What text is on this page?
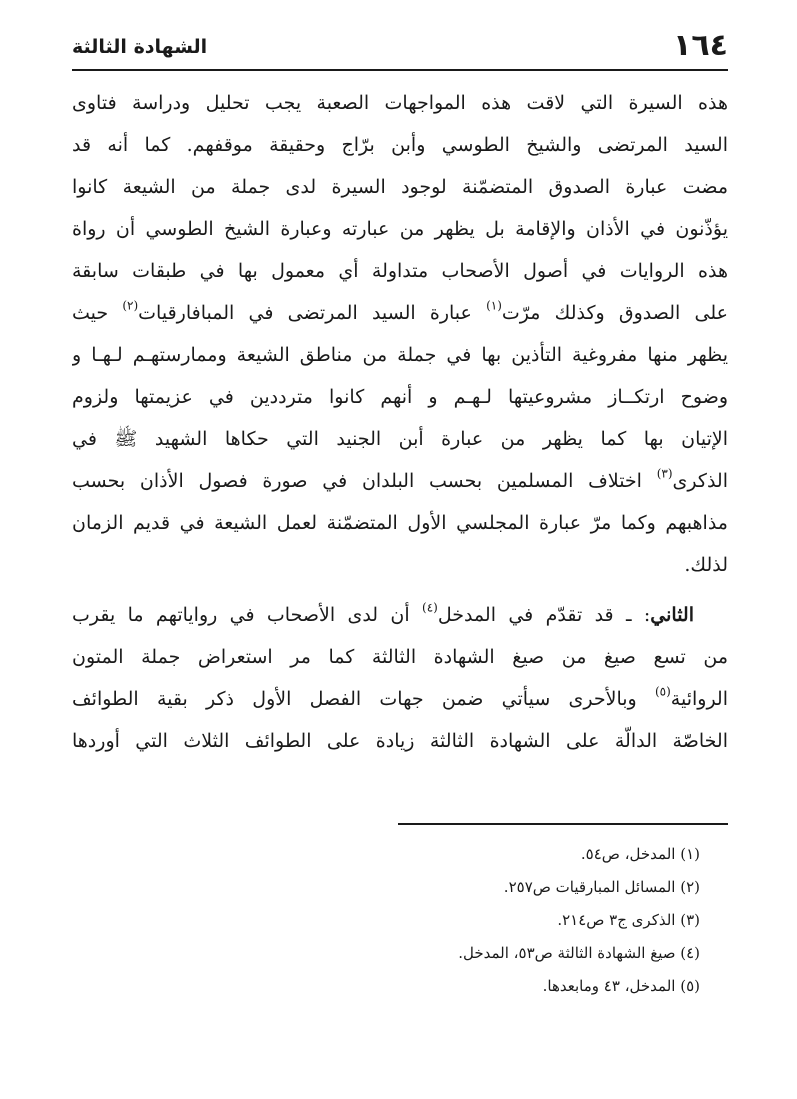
١٦٤
الشهادة الثالثة
هذه السيرة التي لاقت هذه المواجهات الصعبة يجب تحليل ودراسة فتاوى
السيد المرتضى والشيخ الطوسي وأبن برّاج وحقيقة موقفهم. كما أنه قد
مضت عبارة الصدوق المتضمّنة لوجود السيرة لدى جملة من الشيعة كانوا
يؤذّنون في الأذان والإقامة بل يظهر من عبارته وعبارة الشيخ الطوسي أن رواة
هذه الروايات في أصول الأصحاب متداولة أي معمول بها في طبقات سابقة
على الصدوق وكذلك مرّت$^{(١)}$ عبارة السيد المرتضى في المبافارقيات$^{(٢)}$ حيث
يظهر منها مفروغية التأذين بها في جملة من مناطق الشيعة وممارستهـم لـهـا و
وضوح ارتكــاز مشروعيتها لـهـم و أنهم كانوا مترددين في عزيمتها ولزوم
الإتيان بها كما يظهر من عبارة أبن الجنيد التي حكاها الشهيد ﷺ في
الذكرى$^{(٣)}$ اختلاف المسلمين بحسب البلدان في صورة فصول الأذان بحسب
مذاهبهم وكما مرّ عبارة المجلسي الأول المتضمّنة لعمل الشيعة في قديم الزمان
لذلك.
الثاني: ـ قد تقدّم في المدخل$^{(٤)}$ أن لدى الأصحاب في رواياتهم ما يقرب
من تسع صيغ من صيغ الشهادة الثالثة كما مر استعراض جملة المتون
الروائية$^{(٥)}$ وبالأحرى سيأتي ضمن جهات الفصل الأول ذكر بقية الطوائف
الخاصّة الدالّة على الشهادة الثالثة زيادة على الطوائف الثلاث التي أوردها
(١) المدخل، ص٥٤.
(٢) المسائل المبارقيات ص٢٥٧.
(٣) الذكرى ج٣ ص٢١٤.
(٤) صيغ الشهادة الثالثة ص٥٣، المدخل.
(٥) المدخل، ٤٣ ومابعدها.
